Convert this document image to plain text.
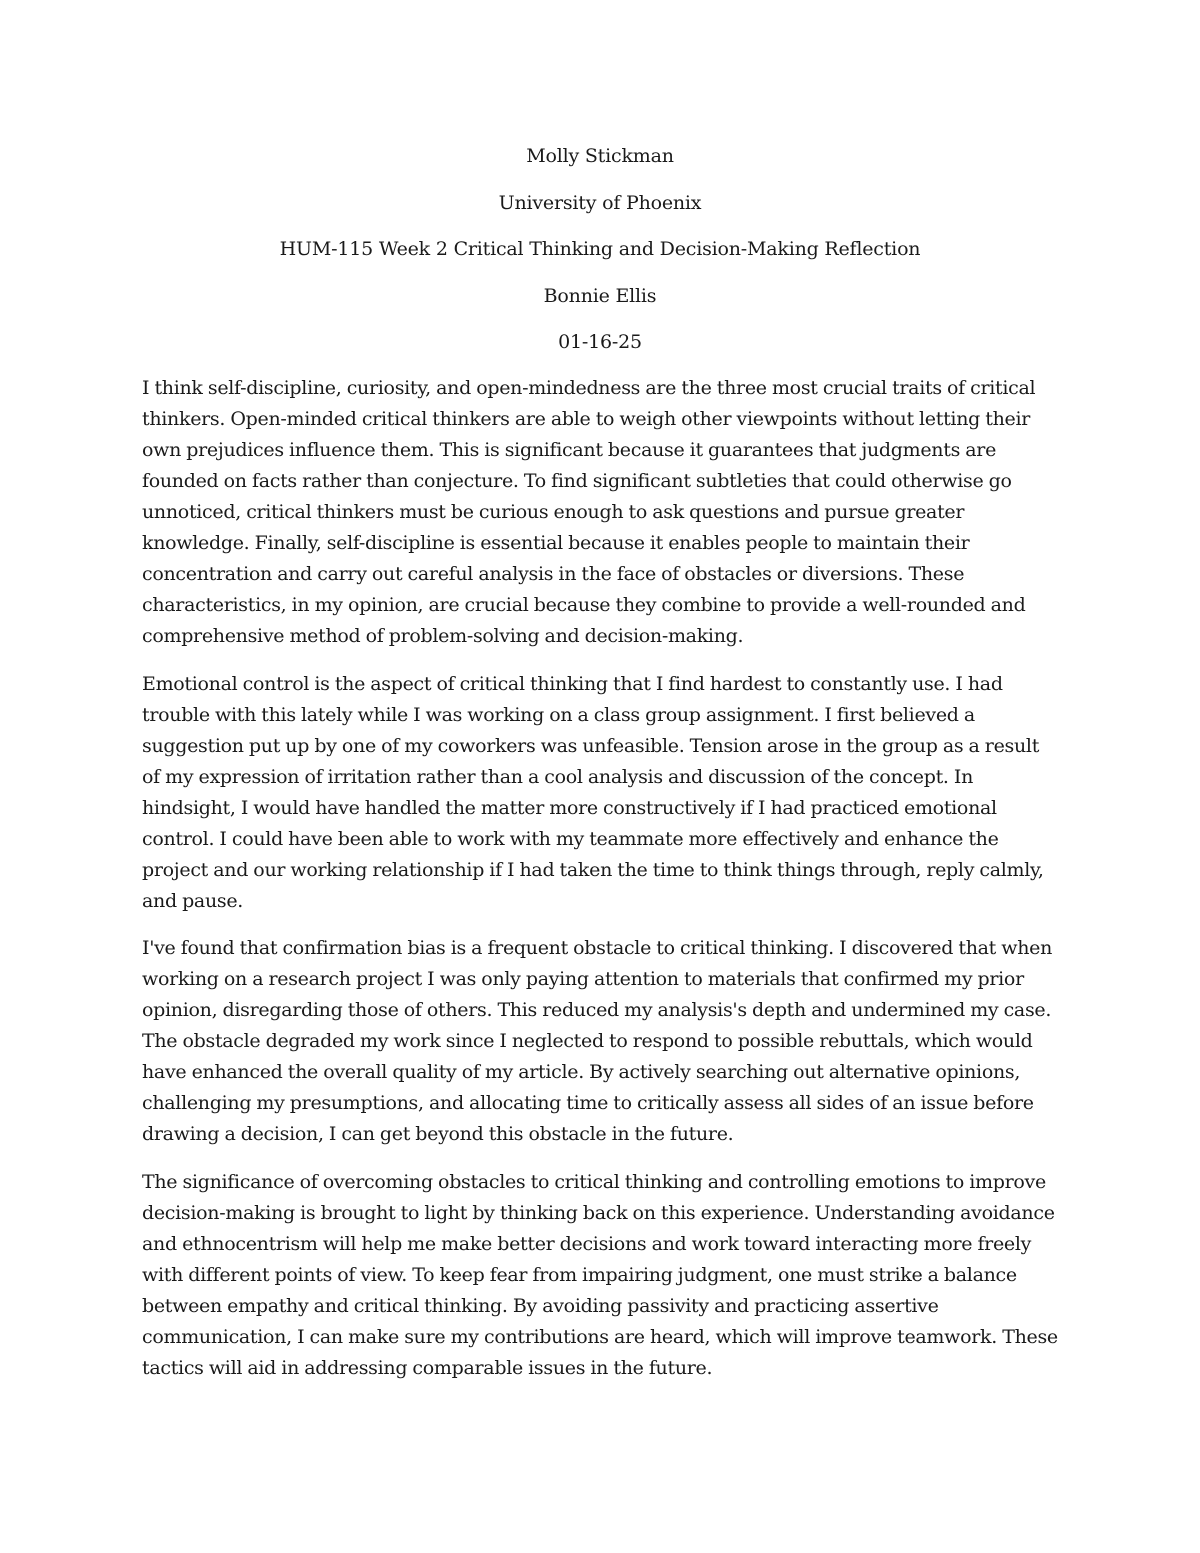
Molly Stickman

University of Phoenix

HUM-115 Week 2 Critical Thinking and Decision-Making Reflection

Bonnie Ellis

01-16-25

I think self-discipline, curiosity, and open-mindedness are the three most crucial traits of critical thinkers. Open-minded critical thinkers are able to weigh other viewpoints without letting their own prejudices influence them. This is significant because it guarantees that judgments are founded on facts rather than conjecture. To find significant subtleties that could otherwise go unnoticed, critical thinkers must be curious enough to ask questions and pursue greater knowledge. Finally, self-discipline is essential because it enables people to maintain their concentration and carry out careful analysis in the face of obstacles or diversions. These characteristics, in my opinion, are crucial because they combine to provide a well-rounded and comprehensive method of problem-solving and decision-making.

Emotional control is the aspect of critical thinking that I find hardest to constantly use. I had trouble with this lately while I was working on a class group assignment. I first believed a suggestion put up by one of my coworkers was unfeasible. Tension arose in the group as a result of my expression of irritation rather than a cool analysis and discussion of the concept. In hindsight, I would have handled the matter more constructively if I had practiced emotional control. I could have been able to work with my teammate more effectively and enhance the project and our working relationship if I had taken the time to think things through, reply calmly, and pause.

I've found that confirmation bias is a frequent obstacle to critical thinking. I discovered that when working on a research project I was only paying attention to materials that confirmed my prior opinion, disregarding those of others. This reduced my analysis's depth and undermined my case. The obstacle degraded my work since I neglected to respond to possible rebuttals, which would have enhanced the overall quality of my article. By actively searching out alternative opinions, challenging my presumptions, and allocating time to critically assess all sides of an issue before drawing a decision, I can get beyond this obstacle in the future.

The significance of overcoming obstacles to critical thinking and controlling emotions to improve decision-making is brought to light by thinking back on this experience. Understanding avoidance and ethnocentrism will help me make better decisions and work toward interacting more freely with different points of view. To keep fear from impairing judgment, one must strike a balance between empathy and critical thinking. By avoiding passivity and practicing assertive communication, I can make sure my contributions are heard, which will improve teamwork. These tactics will aid in addressing comparable issues in the future.
